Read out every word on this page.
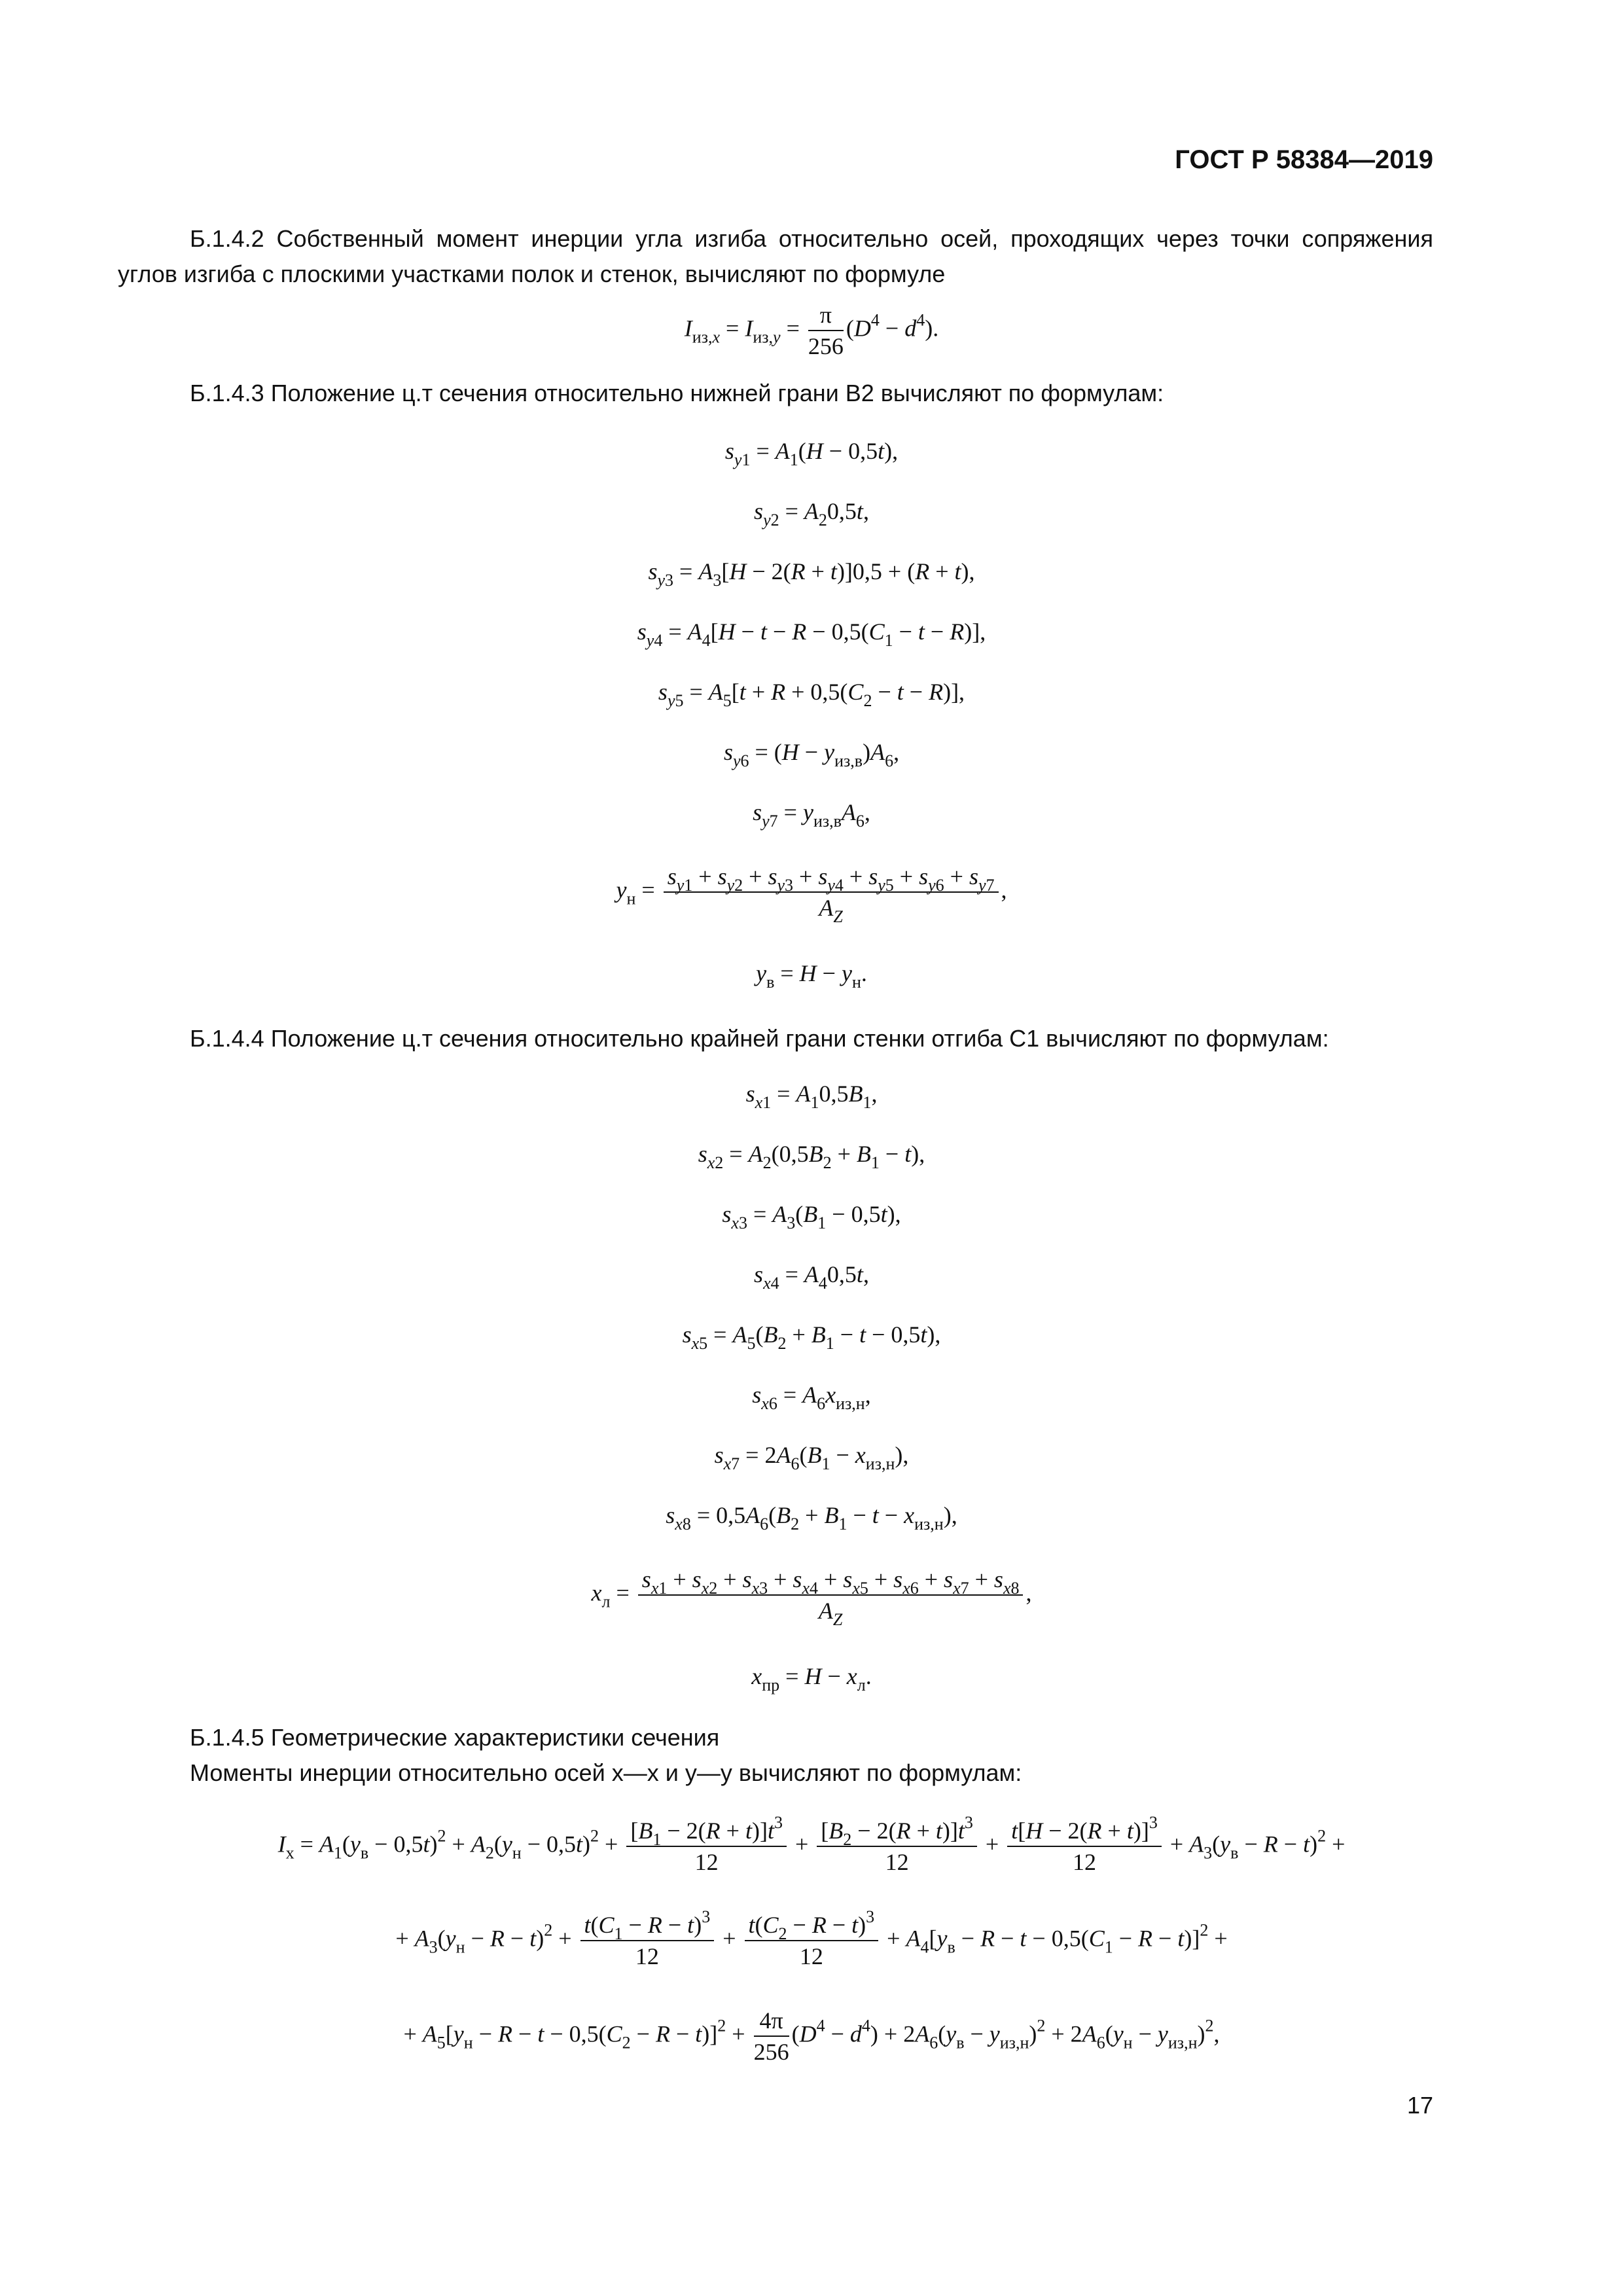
ГОСТ Р 58384—2019
Б.1.4.2 Собственный момент инерции угла изгиба относительно осей, проходящих через точки сопряжения углов изгиба с плоскими участками полок и стенок, вычисляют по формуле
$I_{из,x} = I_{из,y} = \frac{\pi}{256} (D^4 - d^4)$.
Б.1.4.3 Положение ц.т сечения относительно нижней грани B2 вычисляют по формулам:
$s_{y1} = A_1(H - 0,5t)$,
$s_{y2} = A_20,5t$,
$s_{y3} = A_3[H - 2(R + t)]0,5 + (R + t)$,
$s_{y4} = A_4[H - t - R - 0,5(C_1 - t - R)]$,
$s_{y5} = A_5[t + R + 0,5(C_2 - t - R)]$,
$s_{y6} = (H - y_{из,в})A_6$,
$s_{y7} = y_{из,в}A_6$,
$y_н = \frac{s_{y1} + s_{y2} + s_{y3} + s_{y4} + s_{y5} + s_{y6} + s_{y7}}{A_Z}$ ,
$y_в = H - y_н$.
Б.1.4.4 Положение ц.т сечения относительно крайней грани стенки отгиба C1 вычисляют по формулам:
$s_{x1} = A_10,5B_1$,
$s_{x2} = A_2(0,5B_2 + B_1 - t)$,
$s_{x3} = A_3(B_1 - 0,5t)$,
$s_{x4} = A_40,5t$,
$s_{x5} = A_5(B_2 + B_1 - t - 0,5t)$,
$s_{x6} = A_6x_{из,н}$,
$s_{x7} = 2A_6(B_1 - x_{из,н})$,
$s_{x8} = 0,5A_6(B_2 + B_1 - t - x_{из,н})$,
$x_л = \frac{s_{x1} + s_{x2} + s_{x3} + s_{x4} + s_{x5} + s_{x6} + s_{x7} + s_{x8}}{A_Z}$ ,
$x_{пр} = H - x_л$.
Б.1.4.5 Геометрические характеристики сечения
Моменты инерции относительно осей x—x и y—y вычисляют по формулам:
$I_x = A_1(y_в - 0,5t)^2 + A_2(y_н - 0,5t)^2 + \frac{[B_1 - 2(R + t)]t^3}{12} + \frac{[B_2 - 2(R + t)]t^3}{12} + \frac{t[H - 2(R + t)]^3}{12} + A_3(y_в - R - t)^2$ +
+ $A_3(y_н - R - t)^2 + \frac{t(C_1 - R - t)^3}{12} + \frac{t(C_2 - R - t)^3}{12} + A_4[y_в - R - t - 0,5(C_1 - R - t)]^2$ +
+ $A_5[y_н - R - t - 0,5(C_2 - R - t)]^2 + \frac{4\pi}{256} (D^4 - d^4) + 2A_6(y_в - y_{из,н})^2 + 2A_6(y_н - y_{из,н})^2$,
17
